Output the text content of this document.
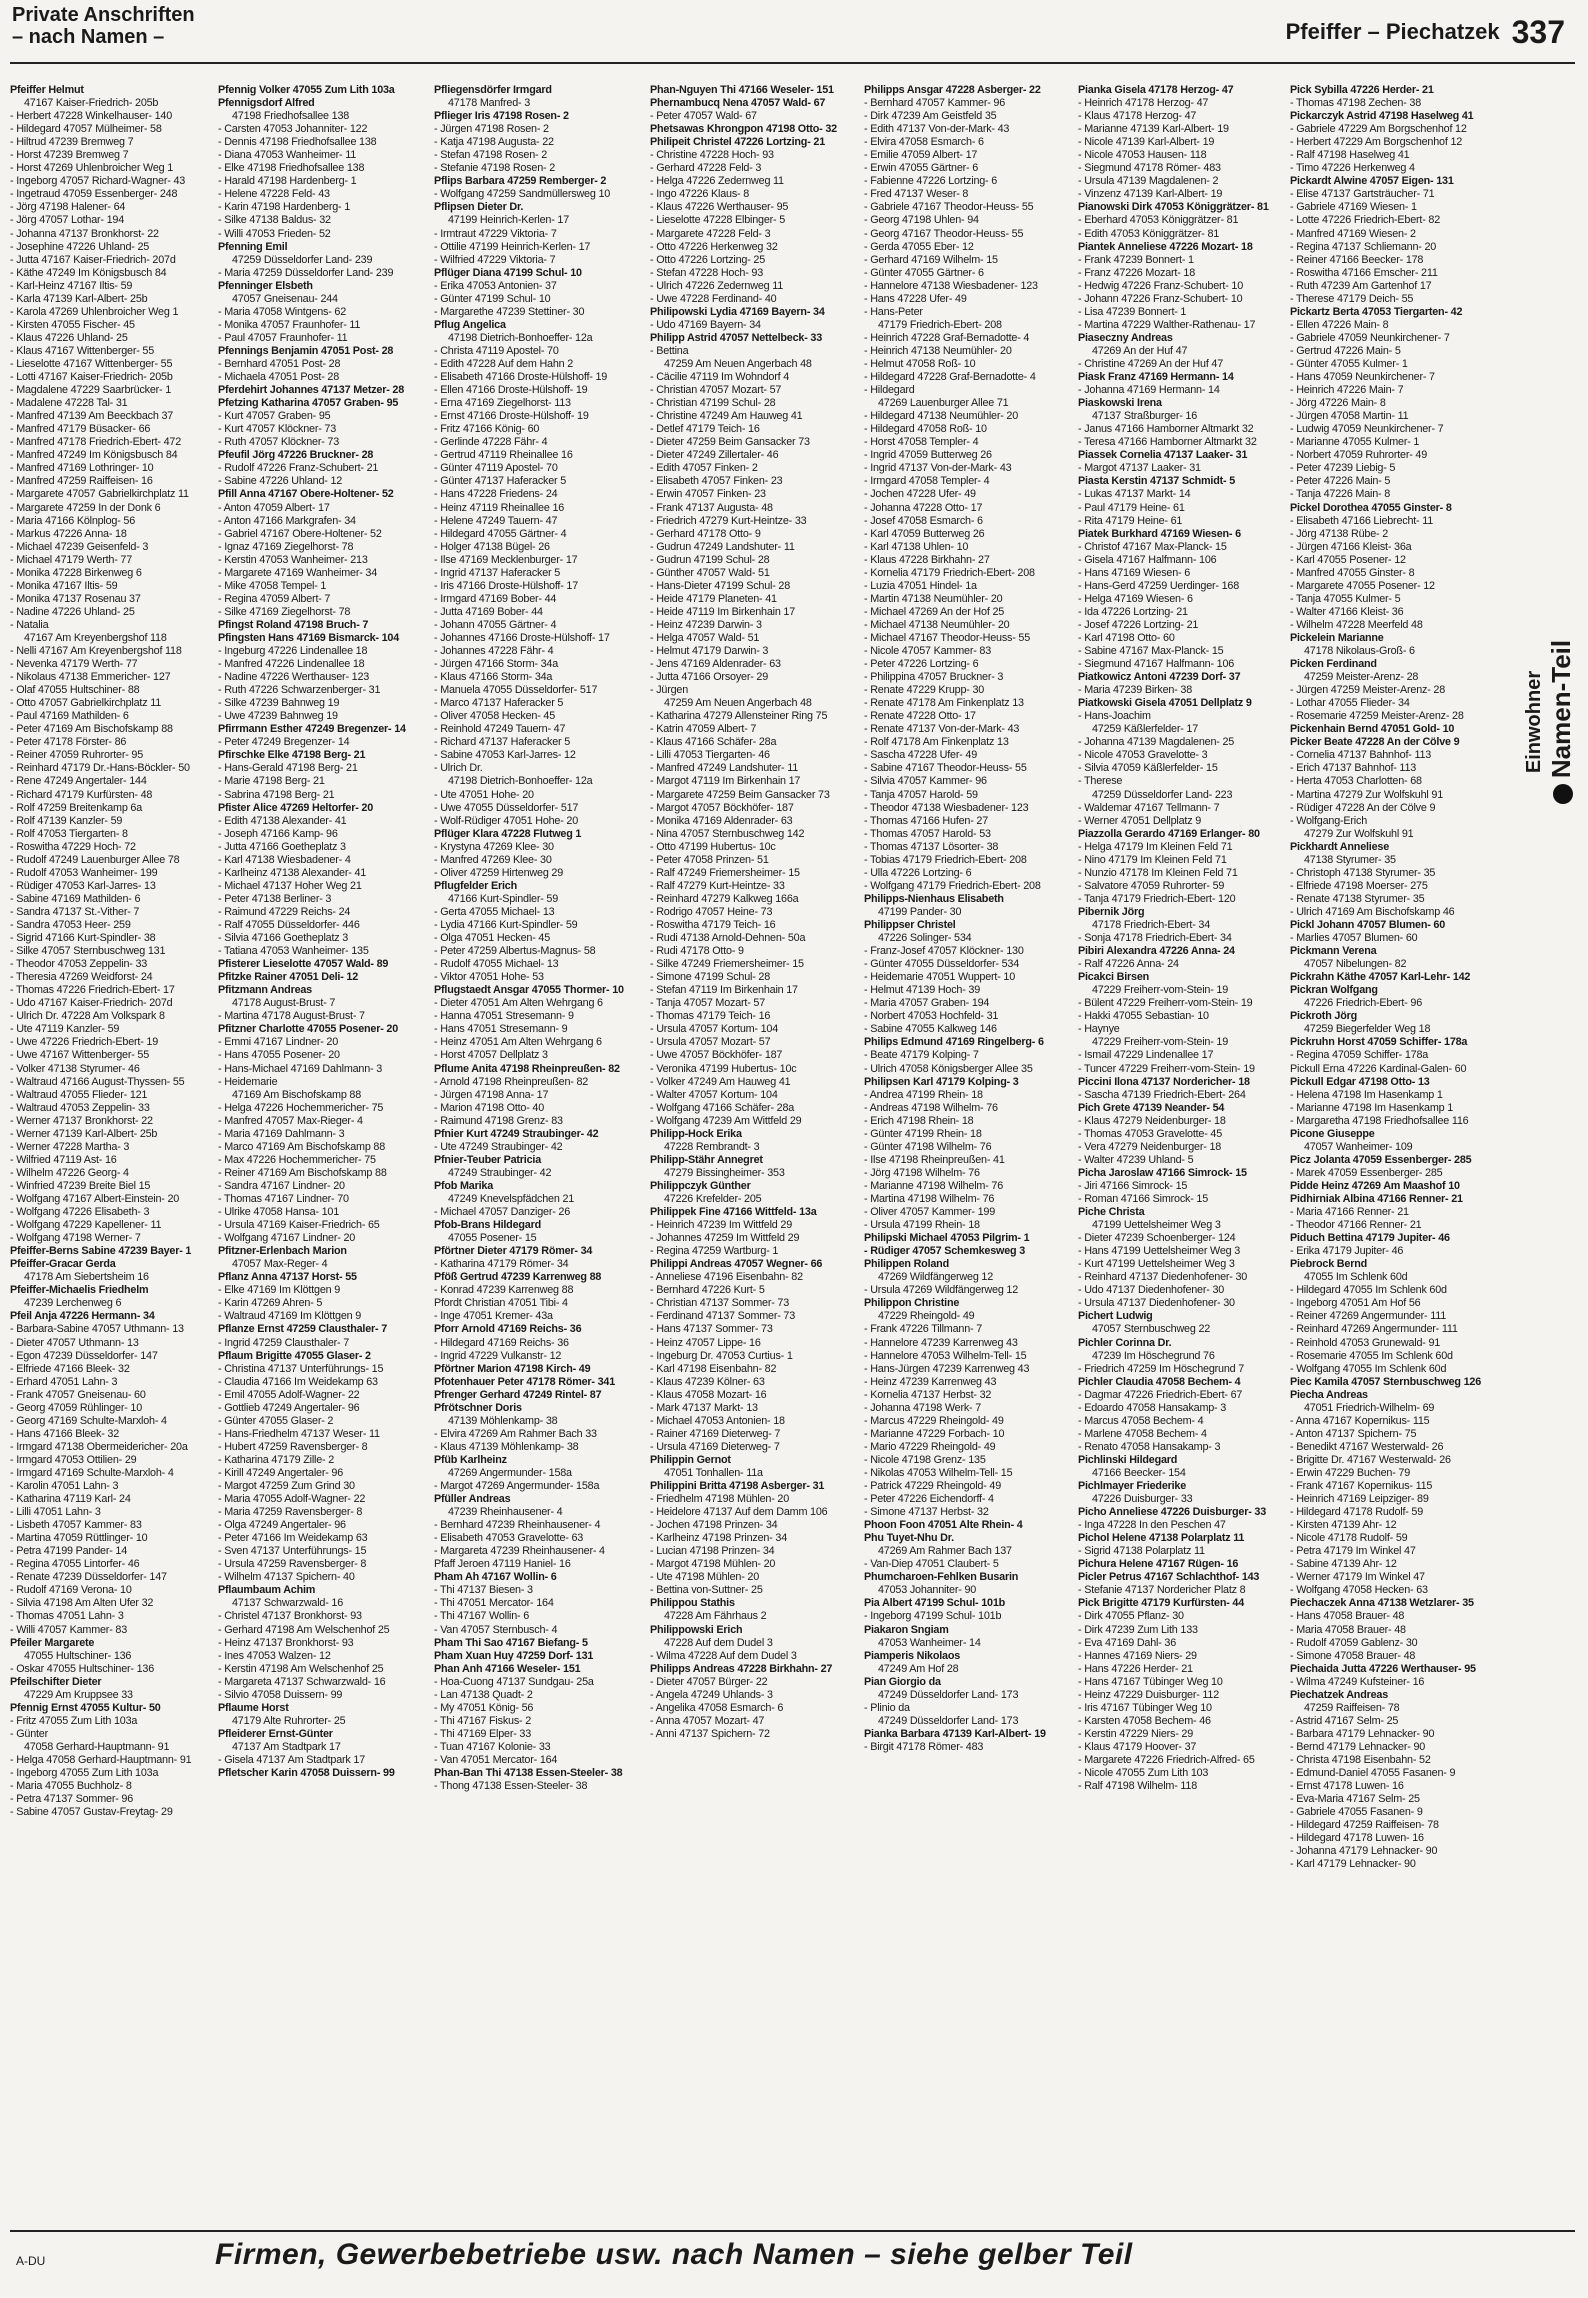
Private Anschriften
– nach Namen –	Pfeiffer – Piechatzek 337
Pfeiffer Helmut
47167 Kaiser-Friedrich- 205b
- Herbert 47228 Winkelhauser- 140
- Hildegard 47057 Mülheimer- 58
- Hiltrud 47239 Bremweg 7
- Horst 47239 Bremweg 7
- Horst 47269 Uhlenbroicher Weg 1
- Ingeborg 47057 Richard-Wagner- 43
- Ingetraud 47059 Essenberger- 248
- Jörg 47198 Halener- 64
- Jörg 47057 Lothar- 194
- Johanna 47137 Bronkhorst- 22
- Josephine 47226 Uhland- 25
- Jutta 47167 Kaiser-Friedrich- 207d
- Käthe 47249 Im Königsbusch 84
- Karl-Heinz 47167 Iltis- 59
- Karla 47139 Karl-Albert- 25b
- Karola 47269 Uhlenbroicher Weg 1
- Kirsten 47055 Fischer- 45
- Klaus 47226 Uhland- 25
- Klaus 47167 Wittenberger- 55
- Lieselotte 47167 Wittenberger- 55
- Lotti 47167 Kaiser-Friedrich- 205b
- Magdalene 47229 Saarbrücker- 1
- Madalene 47228 Tal- 31
- Manfred 47139 Am Beeckbach 37
- Manfred 47179 Büsacker- 66
- Manfred 47178 Friedrich-Ebert- 472
- Manfred 47249 Im Königsbusch 84
- Manfred 47169 Lothringer- 10
- Manfred 47259 Raiffeisen- 16
- Margarete 47057 Gabrielkirchplatz 11
- Margarete 47259 In der Donk 6
- Maria 47166 Kölnplog- 56
- Markus 47226 Anna- 18
- Michael 47239 Geisenfeld- 3
- Michael 47179 Werth- 77
- Monika 47228 Birkenweg 6
- Monika 47167 Iltis- 59
- Monika 47137 Rosenau 37
- Nadine 47226 Uhland- 25
- Natalia
47167 Am Kreyenbergshof 118
- Nelli 47167 Am Kreyenbergshof 118
- Nevenka 47179 Werth- 77
- Nikolaus 47138 Emmericher- 127
- Olaf 47055 Hultschiner- 88
- Otto 47057 Gabrielkirchplatz 11
- Paul 47169 Mathilden- 6
- Peter 47169 Am Bischofskamp 88
- Peter 47178 Förster- 86
- Reiner 47059 Ruhrorter- 95
- Reinhard 47179 Dr.-Hans-Böckler- 50
- Rene 47249 Angertaler- 144
- Richard 47179 Kurfürsten- 48
- Rolf 47259 Breitenkamp 6a
- Rolf 47139 Kanzler- 59
- Rolf 47053 Tiergarten- 8
- Roswitha 47229 Hoch- 72
- Rudolf 47249 Lauenburger Allee 78
- Rudolf 47053 Wanheimer- 199
- Rüdiger 47053 Karl-Jarres- 13
- Sabine 47169 Mathilden- 6
- Sandra 47137 St.-Vither- 7
- Sandra 47053 Heer- 259
- Sigrid 47166 Kurt-Spindler- 38
- Silke 47057 Sternbuschweg 131
- Theodor 47053 Zeppelin- 33
- Theresia 47269 Weidforst- 24
- Thomas 47226 Friedrich-Ebert- 17
- Udo 47167 Kaiser-Friedrich- 207d
- Ulrich Dr. 47228 Am Volkspark 8
- Ute 47119 Kanzler- 59
- Uwe 47226 Friedrich-Ebert- 19
- Uwe 47167 Wittenberger- 55
- Volker 47138 Styrumer- 46
- Waltraud 47166 August-Thyssen- 55
- Waltraud 47055 Flieder- 121
- Waltraud 47053 Zeppelin- 33
- Werner 47137 Bronkhorst- 22
- Werner 47139 Karl-Albert- 25b
- Werner 47228 Martha- 3
- Wilfried 47119 Ast- 16
- Wilhelm 47226 Georg- 4
- Winfried 47239 Breite Biel 15
- Wolfgang 47167 Albert-Einstein- 20
- Wolfgang 47226 Elisabeth- 3
- Wolfgang 47229 Kapellener- 11
- Wolfgang 47198 Werner- 7
Pfeiffer-Berns Sabine 47239 Bayer- 1
Pfeiffer-Gracar Gerda
47178 Am Siebertsheim 16
Pfeiffer-Michaelis Friedhelm
47239 Lerchenweg 6
Pfeil Anja 47226 Hermann- 34
- Barbara-Sabine 47057 Uthmann- 13
- Dieter 47057 Uthmann- 13
- Egon 47239 Düsseldorfer- 147
- Elfriede 47166 Bleek- 32
- Erhard 47051 Lahn- 3
- Frank 47057 Gneisenau- 60
- Georg 47059 Rühlinger- 10
- Georg 47169 Schulte-Marxloh- 4
- Hans 47166 Bleek- 32
- Irmgard 47138 Obermeidericher- 20a
- Irmgard 47053 Ottilien- 29
- Irmgard 47169 Schulte-Marxloh- 4
- Karolin 47051 Lahn- 3
- Katharina 47119 Karl- 24
- Lilli 47051 Lahn- 3
- Lisbeth 47057 Kammer- 83
- Martina 47059 Rüttlinger- 10
- Petra 47199 Pander- 14
- Regina 47055 Lintorfer- 46
- Renate 47239 Düsseldorfer- 147
- Rudolf 47169 Verona- 10
- Silvia 47198 Am Alten Ufer 32
- Thomas 47051 Lahn- 3
- Willi 47057 Kammer- 83
Pfeiler Margarete
47055 Hultschiner- 136
- Oskar 47055 Hultschiner- 136
Pfeilschifter Dieter
47229 Am Kruppsee 33
Pfennig Ernst 47055 Kultur- 50
- Fritz 47055 Zum Lith 103a
- Günter
47058 Gerhard-Hauptmann- 91
- Helga 47058 Gerhard-Hauptmann- 91
- Ingeborg 47055 Zum Lith 103a
- Maria 47055 Buchholz- 8
- Petra 47137 Sommer- 96
- Sabine 47057 Gustav-Freytag- 29
Pfennig Volker 47055 Zum Lith 103a
Pfennigsdorf Alfred
47198 Friedhofsallee 138
- Carsten 47053 Johanniter- 122
- Dennis 47198 Friedhofsallee 138
- Diana 47053 Wanheimer- 11
- Elke 47198 Friedhofsallee 138
- Harald 47198 Hardenberg- 1
- Helene 47228 Feld- 43
- Karin 47198 Hardenberg- 1
- Silke 47138 Baldus- 32
- Willi 47053 Frieden- 52
Pfenning Emil
47259 Düsseldorfer Land- 239
- Maria 47259 Düsseldorfer Land- 239
Pfenninger Elsbeth
47057 Gneisenau- 244
- Maria 47058 Wintgens- 62
- Monika 47057 Fraunhofer- 11
- Paul 47057 Fraunhofer- 11
Pfennings Benjamin 47051 Post- 28
- Bernhard 47051 Post- 28
- Michaela 47051 Post- 28
Pferdehirt Johannes 47137 Metzer- 28
Pfetzing Katharina 47057 Graben- 95
- Kurt 47057 Graben- 95
- Kurt 47057 Klöckner- 73
- Ruth 47057 Klöckner- 73
Pfeufil Jörg 47226 Bruckner- 28
- Rudolf 47226 Franz-Schubert- 21
- Sabine 47226 Uhland- 12
Pfill Anna 47167 Obere-Holtener- 52
- Anton 47059 Albert- 17
- Anton 47166 Markgrafen- 34
- Gabriel 47167 Obere-Holtener- 52
- Ignaz 47169 Ziegelhorst- 78
- Kerstin 47053 Wanheimer- 213
- Margarete 47169 Wanheimer- 34
- Mike 47058 Tempel- 1
- Regina 47059 Albert- 7
- Silke 47169 Ziegelhorst- 78
Pfingst Roland 47198 Bruch- 7
Pfingsten Hans 47169 Bismarck- 104
- Ingeburg 47226 Lindenallee 18
- Manfred 47226 Lindenallee 18
- Nadine 47226 Werthauser- 123
- Ruth 47226 Schwarzenberger- 31
- Silke 47239 Bahnweg 19
- Uwe 47239 Bahnweg 19
Pfirrmann Esther 47249 Bregenzer- 14
- Peter 47249 Bregenzer- 14
Pfirschke Elke 47198 Berg- 21
- Hans-Gerald 47198 Berg- 21
- Marie 47198 Berg- 21
- Sabrina 47198 Berg- 21
Pfister Alice 47269 Heltorfer- 20
- Edith 47138 Alexander- 41
- Joseph 47166 Kamp- 96
- Jutta 47166 Goetheplatz 3
- Karl 47138 Wiesbadener- 4
- Karlheinz 47138 Alexander- 41
- Michael 47137 Hoher Weg 21
- Peter 47138 Berliner- 3
- Raimund 47229 Reichs- 24
- Ralf 47055 Düsseldorfer- 446
- Silvia 47166 Goetheplatz 3
- Tatiana 47053 Wanheimer- 135
Pfisterer Lieselotte 47057 Wald- 89
Pfitzke Rainer 47051 Deli- 12
Pfitzmann Andreas
47178 August-Brust- 7
- Martina 47178 August-Brust- 7
Pfitzner Charlotte 47055 Posener- 20
- Emmi 47167 Lindner- 20
- Hans 47055 Posener- 20
- Hans-Michael 47169 Dahlmann- 3
- Heidemarie
47169 Am Bischofskamp 88
- Helga 47226 Hochemmericher- 75
- Manfred 47057 Max-Rieger- 4
- Maria 47169 Dahlmann- 3
- Marco 47169 Am Bischofskamp 88
- Max 47226 Hochemmericher- 75
- Reiner 47169 Am Bischofskamp 88
- Sandra 47167 Lindner- 20
- Thomas 47167 Lindner- 70
- Ulrike 47058 Hansa- 101
- Ursula 47169 Kaiser-Friedrich- 65
- Wolfgang 47167 Lindner- 20
Pfitzner-Erlenbach Marion
47057 Max-Reger- 4
Pflanz Anna 47137 Horst- 55
- Elke 47169 Im Klöttgen 9
- Karin 47269 Ahren- 5
- Waltraud 47169 Im Klöttgen 9
Pflanze Ernst 47259 Clausthaler- 7
- Ingrid 47259 Clausthaler- 7
Pflaum Brigitte 47055 Glaser- 2
- Christina 47137 Unterführungs- 15
- Claudia 47166 Im Weidekamp 63
- Emil 47055 Adolf-Wagner- 22
- Gottlieb 47249 Angertaler- 96
- Günter 47055 Glaser- 2
- Hans-Friedhelm 47137 Weser- 11
- Hubert 47259 Ravensberger- 8
- Katharina 47179 Zille- 2
- Kirill 47249 Angertaler- 96
- Margot 47259 Zum Grind 30
- Maria 47055 Adolf-Wagner- 22
- Maria 47259 Ravensberger- 8
- Olga 47249 Angertaler- 96
- Peter 47166 Im Weidekamp 63
- Sven 47137 Unterführungs- 15
- Ursula 47259 Ravensberger- 8
- Wilhelm 47137 Spichern- 40
Pflaumbaum Achim
47137 Schwarzwald- 16
- Christel 47137 Bronkhorst- 93
- Gerhard 47198 Am Welschenhof 25
- Heinz 47137 Bronkhorst- 93
- Ines 47053 Walzen- 12
- Kerstin 47198 Am Welschenhof 25
- Margareta 47137 Schwarzwald- 16
- Silvio 47058 Duissern- 99
Pflaume Horst
47179 Alte Ruhrorter- 25
Pfleiderer Ernst-Günter
47137 Am Stadtpark 17
- Gisela 47137 Am Stadtpark 17
Pfletscher Karin 47058 Duissern- 99
Pfliegensdörfer Irmgard
47178 Manfred- 3
Pflieger Iris 47198 Rosen- 2
- Jürgen 47198 Rosen- 2
- Katja 47198 Augusta- 22
- Stefan 47198 Rosen- 2
- Stefanie 47198 Rosen- 2
Pflips Barbara 47259 Remberger- 2
- Wolfgang 47259 Sandmüllersweg 10
Pflipsen Dieter Dr.
47199 Heinrich-Kerlen- 17
- Irmtraut 47229 Viktoria- 7
- Ottilie 47199 Heinrich-Kerlen- 17
- Wilfried 47229 Viktoria- 7
Pflüger Diana 47199 Schul- 10
- Erika 47053 Antonien- 37
- Günter 47199 Schul- 10
- Margarethe 47239 Stettiner- 30
Pflug Angelica
47198 Dietrich-Bonhoeffer- 12a
- Christa 47119 Apostel- 70
- Edith 47228 Auf dem Hahn 2
- Elisabeth 47166 Droste-Hülshoff- 19
- Ellen 47166 Droste-Hülshoff- 19
- Erna 47169 Ziegelhorst- 113
- Ernst 47166 Droste-Hülshoff- 19
- Fritz 47166 König- 60
- Gerlinde 47228 Fähr- 4
- Gertrud 47119 Rheinallee 16
- Günter 47119 Apostel- 70
- Günter 47137 Haferacker 5
- Hans 47228 Friedens- 24
- Heinz 47119 Rheinallee 16
- Helene 47249 Tauern- 47
- Hildegard 47055 Gärtner- 4
- Holger 47138 Bügel- 26
- Ilse 47169 Mecklenburger- 17
- Ingrid 47137 Haferacker 5
- Iris 47166 Droste-Hülshoff- 17
- Irmgard 47169 Bober- 44
- Jutta 47169 Bober- 44
- Johann 47055 Gärtner- 4
- Johannes 47166 Droste-Hülshoff- 17
- Johannes 47228 Fähr- 4
- Jürgen 47166 Storm- 34a
- Klaus 47166 Storm- 34a
- Manuela 47055 Düsseldorfer- 517
- Marco 47137 Haferacker 5
- Oliver 47058 Hecken- 45
- Reinhold 47249 Tauern- 47
- Richard 47137 Haferacker 5
- Sabine 47053 Karl-Jarres- 12
- Ulrich Dr.
47198 Dietrich-Bonhoeffer- 12a
- Ute 47051 Hohe- 20
- Uwe 47055 Düsseldorfer- 517
- Wolf-Rüdiger 47051 Hohe- 20
Pflüger Klara 47228 Flutweg 1
- Krystyna 47269 Klee- 30
- Manfred 47269 Klee- 30
- Oliver 47259 Hirtenweg 29
Pflugfelder Erich
47166 Kurt-Spindler- 59
- Gerta 47055 Michael- 13
- Lydia 47166 Kurt-Spindler- 59
- Olga 47051 Hecken- 45
- Peter 47259 Albertus-Magnus- 58
- Rudolf 47055 Michael- 13
- Viktor 47051 Hohe- 53
Pflugstaedt Ansgar 47055 Thormer- 10
- Dieter 47051 Am Alten Wehrgang 6
- Hanna 47051 Stresemann- 9
- Hans 47051 Stresemann- 9
- Heinz 47051 Am Alten Wehrgang 6
- Horst 47057 Dellplatz 3
Pflume Anita 47198 Rheinpreußen- 82
- Arnold 47198 Rheinpreußen- 82
- Jürgen 47198 Anna- 17
- Marion 47198 Otto- 40
- Raimund 47198 Grenz- 83
Pfnier Kurt 47249 Straubinger- 42
- Ute 47249 Straubinger- 42
Pfnier-Teuber Patricia
47249 Straubinger- 42
Pfob Marika
47249 Knevelspfädchen 21
- Michael 47057 Danziger- 26
Pfob-Brans Hildegard
47055 Posener- 15
Pförtner Dieter 47179 Römer- 34
- Katharina 47179 Römer- 34
Pföß Gertrud 47239 Karrenweg 88
- Konrad 47239 Karrenweg 88
Pfordt Christian 47051 Tibi- 4
- Inge 47051 Kremer- 43a
Pforr Arnold 47169 Reichs- 36
- Hildegard 47169 Reichs- 36
- Ingrid 47229 Vulkanstr- 12
Pförtner Marion 47198 Kirch- 49
Pfotenhauer Peter 47178 Römer- 341
Pfrenger Gerhard 47249 Rintel- 87
Pfrötschner Doris
47139 Möhlenkamp- 38
- Elvira 47269 Am Rahmer Bach 33
- Klaus 47139 Möhlenkamp- 38
Pfüb Karlheinz
47269 Angermunder- 158a
- Margot 47269 Angermunder- 158a
Pfüller Andreas
47239 Rheinhausener- 4
- Bernhard 47239 Rheinhausener- 4
- Elisabeth 47053 Gravelotte- 63
- Margareta 47239 Rheinhausener- 4
Pfaff Jeroen 47119 Haniel- 16
Pham Ah 47167 Wollin- 6
- Thi 47137 Biesen- 3
- Thi 47051 Mercator- 164
- Thi 47167 Wollin- 6
- Van 47057 Sternbusch- 4
Pham Thi Sao 47167 Biefang- 5
Pham Xuan Huy 47259 Dorf- 131
Phan Anh 47166 Weseler- 151
- Hoa-Cuong 47137 Sundgau- 25a
- Lan 47138 Quadt- 2
- My 47051 König- 56
- Thi 47167 Fiskus- 2
- Thi 47169 Elper- 33
- Tuan 47167 Kolonie- 33
- Van 47051 Mercator- 164
Phan-Ban Thi 47138 Essen-Steeler- 38
- Thong 47138 Essen-Steeler- 38
Phan-Nguyen Thi 47166 Weseler- 151
Phernambucq Nena 47057 Wald- 67
- Peter 47057 Wald- 67
Phetsawas Khrongpon 47198 Otto- 32
Philipeit Christel 47226 Lortzing- 21
- Christine 47228 Hoch- 93
- Gerhard 47228 Feld- 3
- Helga 47226 Zedernweg 11
- Ingo 47226 Klaus- 8
- Klaus 47226 Werthauser- 95
- Lieselotte 47228 Elbinger- 5
- Margarete 47228 Feld- 3
- Otto 47226 Herkenweg 32
- Otto 47226 Lortzing- 25
- Stefan 47228 Hoch- 93
- Ulrich 47226 Zedernweg 11
- Uwe 47228 Ferdinand- 40
Philipowski Lydia 47169 Bayern- 34
- Udo 47169 Bayern- 34
Philipp Astrid 47057 Nettelbeck- 33
- Bettina
47259 Am Neuen Angerbach 48
- Cäcilie 47119 Im Wohndorf 4
- Christian 47057 Mozart- 57
- Christian 47199 Schul- 28
- Christine 47249 Am Hauweg 41
- Detlef 47179 Teich- 16
- Dieter 47259 Beim Gansacker 73
- Dieter 47249 Zillertaler- 46
- Edith 47057 Finken- 2
- Elisabeth 47057 Finken- 23
- Erwin 47057 Finken- 23
- Frank 47137 Augusta- 48
- Friedrich 47279 Kurt-Heintze- 33
- Gerhard 47178 Otto- 9
- Gudrun 47249 Landshuter- 11
- Gudrun 47199 Schul- 28
- Günther 47057 Wald- 51
- Hans-Dieter 47199 Schul- 28
- Heide 47179 Planeten- 41
- Heide 47119 Im Birkenhain 17
- Heinz 47239 Darwin- 3
- Helga 47057 Wald- 51
- Helmut 47179 Darwin- 3
- Jens 47169 Aldenrader- 63
- Jutta 47166 Orsoyer- 29
- Jürgen
47259 Am Neuen Angerbach 48
- Katharina 47279 Allensteiner Ring 75
- Katrin 47059 Albert- 7
- Klaus 47166 Schäfer- 28a
- Lilli 47053 Tiergarten- 46
- Manfred 47249 Landshuter- 11
- Margot 47119 Im Birkenhain 17
- Margarete 47259 Beim Gansacker 73
- Margot 47057 Böckhöfer- 187
- Monika 47169 Aldenrader- 63
- Nina 47057 Sternbuschweg 142
- Otto 47199 Hubertus- 10c
- Peter 47058 Prinzen- 51
- Ralf 47249 Friemersheimer- 15
- Ralf 47279 Kurt-Heintze- 33
- Reinhard 47279 Kalkweg 166a
- Rodrigo 47057 Heine- 73
- Roswitha 47179 Teich- 16
- Rudi 47138 Arnold-Dehnen- 50a
- Rudi 47178 Otto- 9
- Silke 47249 Friemersheimer- 15
- Simone 47199 Schul- 28
- Stefan 47119 Im Birkenhain 17
- Tanja 47057 Mozart- 57
- Thomas 47179 Teich- 16
- Ursula 47057 Kortum- 104
- Ursula 47057 Mozart- 57
- Uwe 47057 Böckhöfer- 187
- Veronika 47199 Hubertus- 10c
- Volker 47249 Am Hauweg 41
- Walter 47057 Kortum- 104
- Wolfgang 47166 Schäfer- 28a
- Wolfgang 47239 Am Wittfeld 29
Philipp-Hock Erika
47228 Rembrandt- 3
Philipp-Stähr Annegret
47279 Bissingheimer- 353
Philippczyk Günther
47226 Krefelder- 205
Philippek Fine 47166 Wittfeld- 13a
- Heinrich 47239 Im Wittfeld 29
- Johannes 47259 Im Wittfeld 29
- Regina 47259 Wartburg- 1
Philippi Andreas 47057 Wegner- 66
- Anneliese 47196 Eisenbahn- 82
- Bernhard 47226 Kurt- 5
- Christian 47137 Sommer- 73
- Ferdinand 47137 Sommer- 73
- Hans 47137 Sommer- 73
- Heinz 47057 Lippe- 16
- Ingeburg Dr. 47053 Curtius- 1
- Karl 47198 Eisenbahn- 82
- Klaus 47239 Kölner- 63
- Klaus 47058 Mozart- 16
- Mark 47137 Markt- 13
- Michael 47053 Antonien- 18
- Rainer 47169 Dieterweg- 7
- Ursula 47169 Dieterweg- 7
Philippin Gernot
47051 Tonhallen- 11a
Philippini Britta 47198 Asberger- 31
- Friedhelm 47198 Mühlen- 20
- Heidelore 47137 Auf dem Damm 106
- Jochen 47198 Prinzen- 34
- Karlheinz 47198 Prinzen- 34
- Lucian 47198 Prinzen- 34
- Margot 47198 Mühlen- 20
- Ute 47198 Mühlen- 20
- Bettina von-Suttner- 25
Philippou Stathis
47228 Am Fährhaus 2
Philippowski Erich
47228 Auf dem Dudel 3
- Wilma 47228 Auf dem Dudel 3
Philipps Andreas 47228 Birkhahn- 27
- Dieter 47057 Bürger- 22
- Angela 47249 Uhlands- 3
- Angelika 47058 Esmarch- 6
- Anna 47057 Mozart- 47
- Anni 47137 Spichern- 72
Philipps Ansgar 47228 Asberger- 22
- Bernhard 47057 Kammer- 96
- Dirk 47239 Am Geistfeld 35
- Edith 47137 Von-der-Mark- 43
- Elvira 47058 Esmarch- 6
- Emilie 47059 Albert- 17
- Erwin 47055 Gärtner- 6
- Fabienne 47226 Lortzing- 6
- Fred 47137 Weser- 8
- Gabriele 47167 Theodor-Heuss- 55
- Georg 47198 Uhlen- 94
- Georg 47167 Theodor-Heuss- 55
- Gerda 47055 Eber- 12
- Gerhard 47169 Wilhelm- 15
- Günter 47055 Gärtner- 6
- Hannelore 47138 Wiesbadener- 123
- Hans 47228 Ufer- 49
- Hans-Peter
47179 Friedrich-Ebert- 208
- Heinrich 47228 Graf-Bernadotte- 4
- Heinrich 47138 Neumühler- 20
- Helmut 47058 Roß- 10
- Hildegard 47228 Graf-Bernadotte- 4
- Hildegard
47269 Lauenburger Allee 71
- Hildegard 47138 Neumühler- 20
- Hildegard 47058 Roß- 10
- Horst 47058 Templer- 4
- Ingrid 47059 Butterweg 26
- Ingrid 47137 Von-der-Mark- 43
- Irmgard 47058 Templer- 4
- Jochen 47228 Ufer- 49
- Johanna 47228 Otto- 17
- Josef 47058 Esmarch- 6
- Karl 47059 Butterweg 26
- Karl 47138 Uhlen- 10
- Klaus 47228 Birkhahn- 27
- Kornelia 47179 Friedrich-Ebert- 208
- Luzia 47051 Hindel- 1a
- Martin 47138 Neumühler- 20
- Michael 47269 An der Hof 25
- Michael 47138 Neumühler- 20
- Michael 47167 Theodor-Heuss- 55
- Nicole 47057 Kammer- 83
- Peter 47226 Lortzing- 6
- Philippina 47057 Bruckner- 3
- Renate 47229 Krupp- 30
- Renate 47178 Am Finkenplatz 13
- Renate 47228 Otto- 17
- Renate 47137 Von-der-Mark- 43
- Rolf 47178 Am Finkenplatz 13
- Sascha 47228 Ufer- 49
- Sabine 47167 Theodor-Heuss- 55
- Silvia 47057 Kammer- 96
- Tanja 47057 Harold- 59
- Theodor 47138 Wiesbadener- 123
- Thomas 47166 Hufen- 27
- Thomas 47057 Harold- 53
- Thomas 47137 Lösorter- 38
- Tobias 47179 Friedrich-Ebert- 208
- Ulla 47226 Lortzing- 6
- Wolfgang 47179 Friedrich-Ebert- 208
Philipps-Nienhaus Elisabeth
47199 Pander- 30
Philippser Christel
47226 Solinger- 534
- Franz-Josef 47057 Klöckner- 130
- Günter 47055 Düsseldorfer- 534
- Heidemarie 47051 Wuppert- 10
- Helmut 47139 Hoch- 39
- Maria 47057 Graben- 194
- Norbert 47053 Hochfeld- 31
- Sabine 47055 Kalkweg 146
Philips Edmund 47169 Ringelberg- 6
- Beate 47179 Kolping- 7
- Ulrich 47058 Königsberger Allee 35
Philipsen Karl 47179 Kolping- 3
- Andrea 47199 Rhein- 18
- Andreas 47198 Wilhelm- 76
- Erich 47198 Rhein- 18
- Günter 47199 Rhein- 18
- Günter 47198 Wilhelm- 76
- Ilse 47198 Rheinpreußen- 41
- Jörg 47198 Wilhelm- 76
- Marianne 47198 Wilhelm- 76
- Martina 47198 Wilhelm- 76
- Oliver 47057 Kammer- 199
- Ursula 47199 Rhein- 18
Philipski Michael 47053 Pilgrim- 1
- Rüdiger 47057 Schemkesweg 3
Philippen Roland
47269 Wildfängerweg 12
- Ursula 47269 Wildfängerweg 12
Philippon Christine
47229 Rheingold- 49
- Frank 47226 Tillmann- 7
- Hannelore 47239 Karrenweg 43
- Hannelore 47053 Wilhelm-Tell- 15
- Hans-Jürgen 47239 Karrenweg 43
- Heinz 47239 Karrenweg 43
- Kornelia 47137 Herbst- 32
- Johanna 47198 Werk- 7
- Marcus 47229 Rheingold- 49
- Marianne 47229 Forbach- 10
- Mario 47229 Rheingold- 49
- Nicole 47198 Grenz- 135
- Nikolas 47053 Wilhelm-Tell- 15
- Patrick 47229 Rheingold- 49
- Peter 47226 Eichendorff- 4
- Simone 47137 Herbst- 32
Phoon Foon 47051 Alte Rhein- 4
Phu Tuyet-Nhu Dr.
47269 Am Rahmer Bach 137
- Van-Diep 47051 Claubert- 5
Phumcharoen-Fehlken Busarin
47053 Johanniter- 90
Pia Albert 47199 Schul- 101b
- Ingeborg 47199 Schul- 101b
Piakaron Sngiam
47053 Wanheimer- 14
Piamperis Nikolaos
47249 Am Hof 28
Pian Giorgio da
47249 Düsseldorfer Land- 173
- Plinio da
47249 Düsseldorfer Land- 173
Pianka Barbara 47139 Karl-Albert- 19
- Birgit 47178 Römer- 483
Pianka Gisela 47178 Herzog- 47
- Heinrich 47178 Herzog- 47
- Klaus 47178 Herzog- 47
- Marianne 47139 Karl-Albert- 19
- Nicole 47139 Karl-Albert- 19
- Nicole 47053 Hausen- 118
- Siegmund 47178 Römer- 483
- Ursula 47139 Magdalenen- 2
- Vinzenz 47139 Karl-Albert- 19
Pianowski Dirk 47053 Königgrätzer- 81
- Eberhard 47053 Königgrätzer- 81
- Edith 47053 Königgrätzer- 81
Piantek Anneliese 47226 Mozart- 18
- Frank 47239 Bonnert- 1
- Franz 47226 Mozart- 18
- Hedwig 47226 Franz-Schubert- 10
- Johann 47226 Franz-Schubert- 10
- Lisa 47239 Bonnert- 1
- Martina 47229 Walther-Rathenau- 17
Piaseczny Andreas
47269 An der Huf 47
- Christine 47269 An der Huf 47
Piask Franz 47169 Hermann- 14
- Johanna 47169 Hermann- 14
Piaskowski Irena
47137 Straßburger- 16
- Janus 47166 Hamborner Altmarkt 32
- Teresa 47166 Hamborner Altmarkt 32
Piassek Cornelia 47137 Laaker- 31
- Margot 47137 Laaker- 31
Piasta Kerstin 47137 Schmidt- 5
- Lukas 47137 Markt- 14
- Paul 47179 Heine- 61
- Rita 47179 Heine- 61
Piatek Burkhard 47169 Wiesen- 6
- Christof 47167 Max-Planck- 15
- Gisela 47167 Halfmann- 106
- Hans 47169 Wiesen- 6
- Hans-Gerd 47259 Uerdinger- 168
- Helga 47169 Wiesen- 6
- Ida 47226 Lortzing- 21
- Josef 47226 Lortzing- 21
- Karl 47198 Otto- 60
- Sabine 47167 Max-Planck- 15
- Siegmund 47167 Halfmann- 106
Piatkowicz Antoni 47239 Dorf- 37
- Maria 47239 Birken- 38
Piatkowski Gisela 47051 Dellplatz 9
- Hans-Joachim
47259 Käßlerfelder- 17
- Johanna 47139 Magdalenen- 25
- Nicole 47053 Gravelotte- 3
- Silvia 47059 Käßlerfelder- 15
- Therese
47259 Düsseldorfer Land- 223
- Waldemar 47167 Tellmann- 7
- Werner 47051 Dellplatz 9
Piazzolla Gerardo 47169 Erlanger- 80
- Helga 47179 Im Kleinen Feld 71
- Nino 47179 Im Kleinen Feld 71
- Nunzio 47178 Im Kleinen Feld 71
- Salvatore 47059 Ruhrorter- 59
- Tanja 47179 Friedrich-Ebert- 120
Pibernik Jörg
47178 Friedrich-Ebert- 34
- Sonja 47178 Friedrich-Ebert- 34
Pibiri Alexandra 47226 Anna- 24
- Ralf 47226 Anna- 24
Picakci Birsen
47229 Freiherr-vom-Stein- 19
- Bülent 47229 Freiherr-vom-Stein- 19
- Hakki 47055 Sebastian- 10
- Haynye
47229 Freiherr-vom-Stein- 19
- Ismail 47229 Lindenallee 17
- Tuncer 47229 Freiherr-vom-Stein- 19
Piccini Ilona 47137 Nordericher- 18
- Sascha 47139 Friedrich-Ebert- 264
Pich Grete 47139 Neander- 54
- Klaus 47279 Neidenburger- 18
- Thomas 47053 Gravelotte- 45
- Vera 47279 Neidenburger- 18
- Walter 47239 Uhland- 5
Picha Jaroslaw 47166 Simrock- 15
- Jiri 47166 Simrock- 15
- Roman 47166 Simrock- 15
Piche Christa
47199 Uettelsheimer Weg 3
- Dieter 47239 Schoenberger- 124
- Hans 47199 Uettelsheimer Weg 3
- Kurt 47199 Uettelsheimer Weg 3
- Reinhard 47137 Diedenhofener- 30
- Udo 47137 Diedenhofener- 30
- Ursula 47137 Diedenhofener- 30
Pichert Ludwig
47057 Sternbuschweg 22
Pichler Corinna Dr.
47239 Im Höschegrund 76
- Friedrich 47259 Im Höschegrund 7
Pichler Claudia 47058 Bechem- 4
- Dagmar 47226 Friedrich-Ebert- 67
- Edoardo 47058 Hansakamp- 3
- Marcus 47058 Bechem- 4
- Marlene 47058 Bechem- 4
- Renato 47058 Hansakamp- 3
Pichlinski Hildegard
47166 Beecker- 154
Pichlmayer Friederike
47226 Duisburger- 33
Picho Anneliese 47226 Duisburger- 33
- Inga 47228 In den Peschen 47
Pichol Helene 47138 Polarplatz 11
- Sigrid 47138 Polarplatz 11
Pichura Helene 47167 Rügen- 16
Picler Petrus 47167 Schlachthof- 143
- Stefanie 47137 Nordericher Platz 8
Pick Brigitte 47179 Kurfürsten- 44
- Dirk 47055 Pflanz- 30
- Dirk 47239 Zum Lith 133
- Eva 47169 Dahl- 36
- Hannes 47169 Niers- 29
- Hans 47226 Herder- 21
- Hans 47167 Tübinger Weg 10
- Heinz 47229 Duisburger- 112
- Iris 47167 Tübinger Weg 10
- Karsten 47058 Bechem- 46
- Kerstin 47229 Niers- 29
- Klaus 47179 Hoover- 37
- Margarete 47226 Friedrich-Alfred- 65
- Nicole 47055 Zum Lith 103
- Ralf 47198 Wilhelm- 118
Pick Sybilla 47226 Herder- 21
- Thomas 47198 Zechen- 38
Pickarczyk Astrid 47198 Haselweg 41
- Gabriele 47229 Am Borgschenhof 12
- Herbert 47229 Am Borgschenhof 12
- Ralf 47198 Haselweg 41
- Timo 47226 Herkenweg 4
Pickardt Alwine 47057 Eigen- 131
- Elise 47137 Gartsträucher- 71
- Gabriele 47169 Wiesen- 1
- Lotte 47226 Friedrich-Ebert- 82
- Manfred 47169 Wiesen- 2
- Regina 47137 Schliemann- 20
- Reiner 47166 Beecker- 178
- Roswitha 47166 Emscher- 211
- Ruth 47239 Am Gartenhof 17
- Therese 47179 Deich- 55
Pickartz Berta 47053 Tiergarten- 42
- Ellen 47226 Main- 8
- Gabriele 47059 Neunkirchener- 7
- Gertrud 47226 Main- 5
- Günter 47055 Kulmer- 1
- Hans 47059 Neunkirchener- 7
- Heinrich 47226 Main- 7
- Jörg 47226 Main- 8
- Jürgen 47058 Martin- 11
- Ludwig 47059 Neunkirchener- 7
- Marianne 47055 Kulmer- 1
- Norbert 47059 Ruhrorter- 49
- Peter 47239 Liebig- 5
- Peter 47226 Main- 5
- Tanja 47226 Main- 8
Pickel Dorothea 47055 Ginster- 8
- Elisabeth 47166 Liebrecht- 11
- Jörg 47138 Rübe- 2
- Jürgen 47166 Kleist- 36a
- Karl 47055 Posener- 12
- Manfred 47055 Ginster- 8
- Margarete 47055 Posener- 12
- Tanja 47055 Kulmer- 5
- Walter 47166 Kleist- 36
- Wilhelm 47228 Meerfeld 48
Pickelein Marianne
47178 Nikolaus-Groß- 6
Picken Ferdinand
47259 Meister-Arenz- 28
- Jürgen 47259 Meister-Arenz- 28
- Lothar 47055 Flieder- 34
- Rosemarie 47259 Meister-Arenz- 28
Pickenhain Bernd 47051 Gold- 10
Picker Beate 47228 An der Cölve 9
- Cornelia 47137 Bahnhof- 113
- Erich 47137 Bahnhof- 113
- Herta 47053 Charlotten- 68
- Martina 47279 Zur Wolfskuhl 91
- Rüdiger 47228 An der Cölve 9
- Wolfgang-Erich
47279 Zur Wolfskuhl 91
Pickhardt Anneliese
47138 Styrumer- 35
- Christoph 47138 Styrumer- 35
- Elfriede 47198 Moerser- 275
- Renate 47138 Styrumer- 35
- Ulrich 47169 Am Bischofskamp 46
Pickl Johann 47057 Blumen- 60
- Marlies 47057 Blumen- 60
Pickmann Verena
47057 Nibelungen- 82
Pickrahn Käthe 47057 Karl-Lehr- 142
Pickran Wolfgang
47226 Friedrich-Ebert- 96
Pickroth Jörg
47259 Biegerfelder Weg 18
Pickruhn Horst 47059 Schiffer- 178a
- Regina 47059 Schiffer- 178a
Pickull Erna 47226 Kardinal-Galen- 60
Pickull Edgar 47198 Otto- 13
- Helena 47198 Im Hasenkamp 1
- Marianne 47198 Im Hasenkamp 1
- Margaretha 47198 Friedhofsallee 116
Picone Giuseppe
47057 Wanheimer- 109
Picz Jolanta 47059 Essenberger- 285
- Marek 47059 Essenberger- 285
Pidde Heinz 47269 Am Maashof 10
Pidhirniak Albina 47166 Renner- 21
- Maria 47166 Renner- 21
- Theodor 47166 Renner- 21
Piduch Bettina 47179 Jupiter- 46
- Erika 47179 Jupiter- 46
Piebrock Bernd
47055 Im Schlenk 60d
- Hildegard 47055 Im Schlenk 60d
- Ingeborg 47051 Am Hof 56
- Reiner 47269 Angermunder- 111
- Reinhard 47269 Angermunder- 111
- Reinhold 47053 Grunewald- 91
- Rosemarie 47055 Im Schlenk 60d
- Wolfgang 47055 Im Schlenk 60d
Piec Kamila 47057 Sternbuschweg 126
Piecha Andreas
47051 Friedrich-Wilhelm- 69
- Anna 47167 Kopernikus- 115
- Anton 47137 Spichern- 75
- Benedikt 47167 Westerwald- 26
- Brigitte Dr. 47167 Westerwald- 26
- Erwin 47229 Buchen- 79
- Frank 47167 Kopernikus- 115
- Heinrich 47169 Leipziger- 89
- Hildegard 47178 Rudolf- 59
- Kirsten 47139 Ahr- 12
- Nicole 47178 Rudolf- 59
- Petra 47179 Im Winkel 47
- Sabine 47139 Ahr- 12
- Werner 47179 Im Winkel 47
- Wolfgang 47058 Hecken- 63
Piechaczek Anna 47138 Wetzlarer- 35
- Hans 47058 Brauer- 48
- Maria 47058 Brauer- 48
- Rudolf 47059 Gablenz- 30
- Simone 47058 Brauer- 48
Piechaida Jutta 47226 Werthauser- 95
- Wilma 47249 Kufsteiner- 16
Piechatzek Andreas
47259 Raiffeisen- 78
- Astrid 47167 Selm- 25
- Barbara 47179 Lehnacker- 90
- Bernd 47179 Lehnacker- 90
- Christa 47198 Eisenbahn- 52
- Edmund-Daniel 47055 Fasanen- 9
- Ernst 47178 Luwen- 16
- Eva-Maria 47167 Selm- 25
- Gabriele 47055 Fasanen- 9
- Hildegard 47259 Raiffeisen- 78
- Hildegard 47178 Luwen- 16
- Johanna 47179 Lehnacker- 90
- Karl 47179 Lehnacker- 90
Einwohner Namen-Teil
A-DU	Firmen, Gewerbebetriebe usw. nach Namen – siehe gelber Teil
